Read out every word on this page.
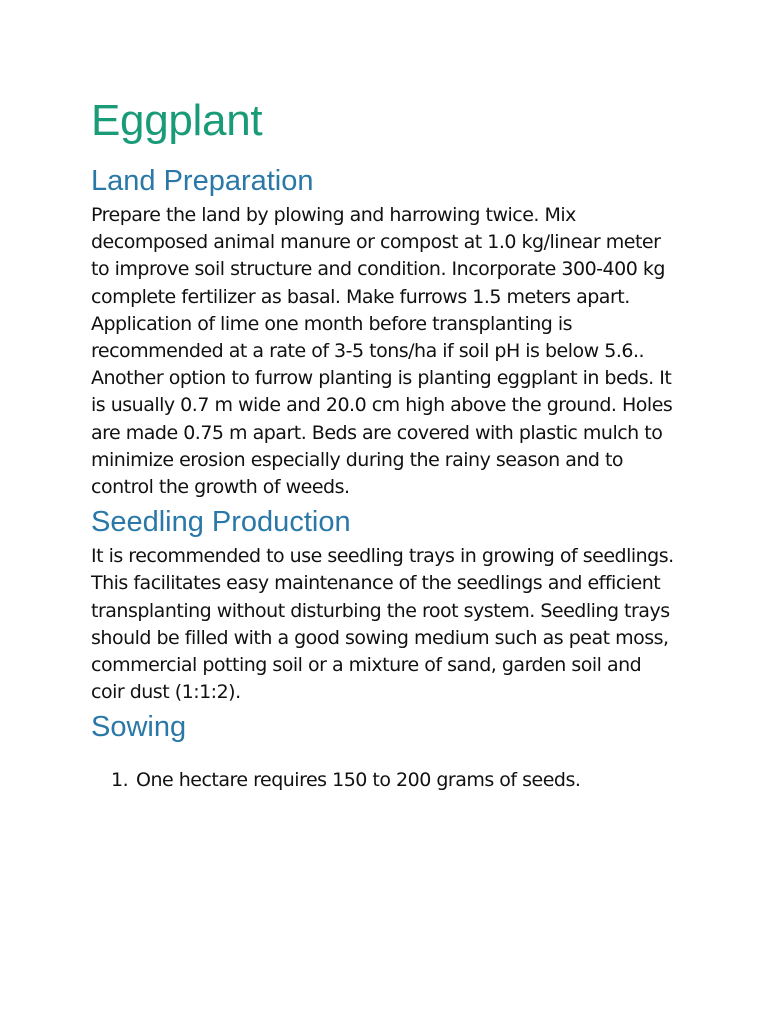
Eggplant
Land Preparation

Prepare the land by plowing and harrowing twice. Mix decomposed animal manure or compost at 1.0 kg/linear meter to improve soil structure and condition. Incorporate 300-400 kg complete fertilizer as basal. Make furrows 1.5 meters apart. Application of lime one month before transplanting is recommended at a rate of 3-5 tons/ha if soil pH is below 5.6..

Another option to furrow planting is planting eggplant in beds. It is usually 0.7 m wide and 20.0 cm high above the ground. Holes are made 0.75 m apart. Beds are covered with plastic mulch to minimize erosion especially during the rainy season and to control the growth of weeds.

Seedling Production

It is recommended to use seedling trays in growing of seedlings. This facilitates easy maintenance of the seedlings and efficient transplanting without disturbing the root system. Seedling trays should be filled with a good sowing medium such as peat moss, commercial potting soil or a mixture of sand, garden soil and coir dust (1:1:2).

Sowing
1. One hectare requires 150 to 200 grams of seeds.
